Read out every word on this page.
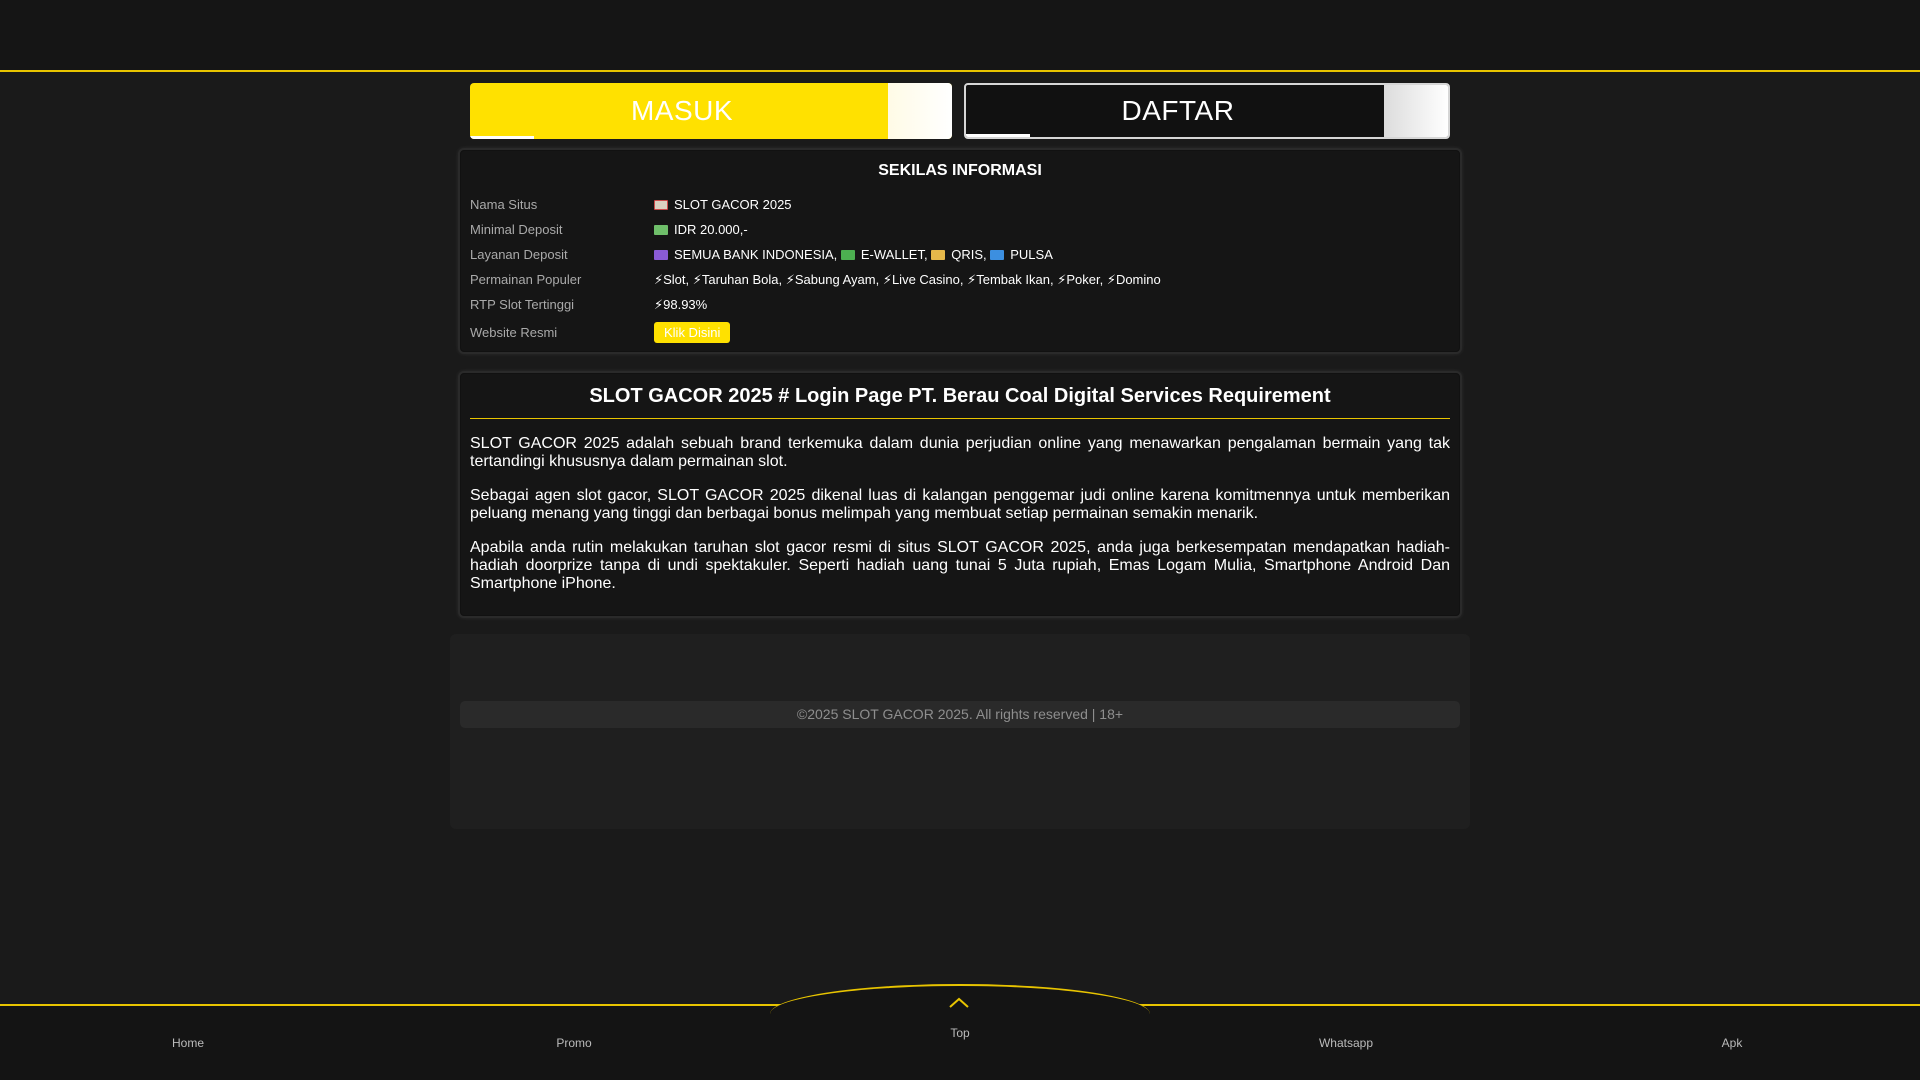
MASUK	DAFTAR
SEKILAS INFORMASI
Nama Situs	SLOT GACOR 2025
Minimal Deposit	IDR 20.000,-
Layanan Deposit	SEMUA BANK INDONESIA, E-WALLET, QRIS, PULSA
Permainan Populer	⚡Slot, ⚡Taruhan Bola, ⚡Sabung Ayam, ⚡Live Casino, ⚡Tembak Ikan, ⚡Poker, ⚡Domino
RTP Slot Tertinggi	⚡98.93%
Website Resmi	Klik Disini
SLOT GACOR 2025 # Login Page PT. Berau Coal Digital Services Requirement

SLOT GACOR 2025 adalah sebuah brand terkemuka dalam dunia perjudian online yang menawarkan pengalaman bermain yang tak tertandingi khususnya dalam permainan slot.

Sebagai agen slot gacor, SLOT GACOR 2025 dikenal luas di kalangan penggemar judi online karena komitmennya untuk memberikan peluang menang yang tinggi dan berbagai bonus melimpah yang membuat setiap permainan semakin menarik.

Apabila anda rutin melakukan taruhan slot gacor resmi di situs SLOT GACOR 2025, anda juga berkesempatan mendapatkan hadiah-hadiah doorprize tanpa di undi spektakuler. Seperti hadiah uang tunai 5 Juta rupiah, Emas Logam Mulia, Smartphone Android Dan Smartphone iPhone.

©2025 SLOT GACOR 2025. All rights reserved | 18+
Home	Promo	Whatsapp	Apk
Top
